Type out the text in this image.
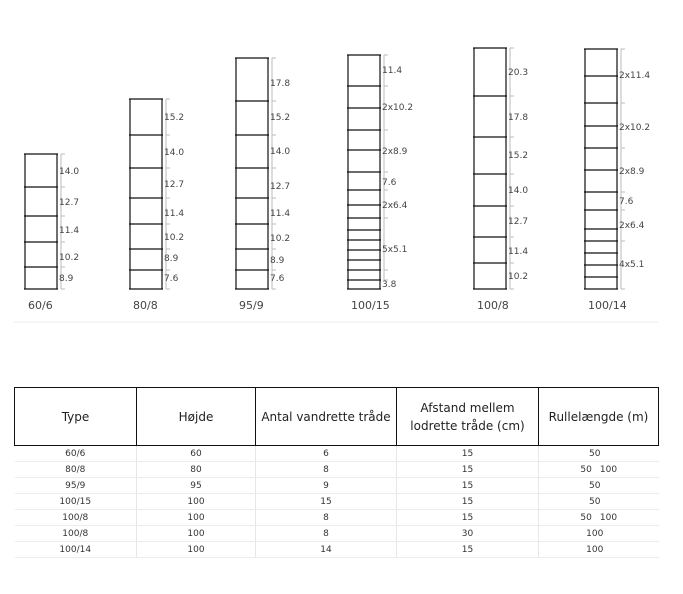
14.0
12.7
11.4
10.2
8.9
60/6
15.2
14.0
12.7
11.4
10.2
8.9
7.6
80/8
17.8
15.2
14.0
12.7
11.4
10.2
8.9
7.6
95/9
11.4
2x10.2
2x8.9
7.6
2x6.4
5x5.1
3.8
100/15
20.3
17.8
15.2
14.0
12.7
11.4
10.2
100/8
2x11.4
2x10.2
2x8.9
7.6
2x6.4
4x5.1
100/14
Type	Højde	Antal vandrette tråde	Afstand mellem lodrette tråde (cm)	Rullelængde (m)
60/6	60	6	15	50
80/8	80	8	15	50 100
95/9	95	9	15	50
100/15	100	15	15	50
100/8	100	8	15	50 100
100/8	100	8	30	100
100/14	100	14	15	100
